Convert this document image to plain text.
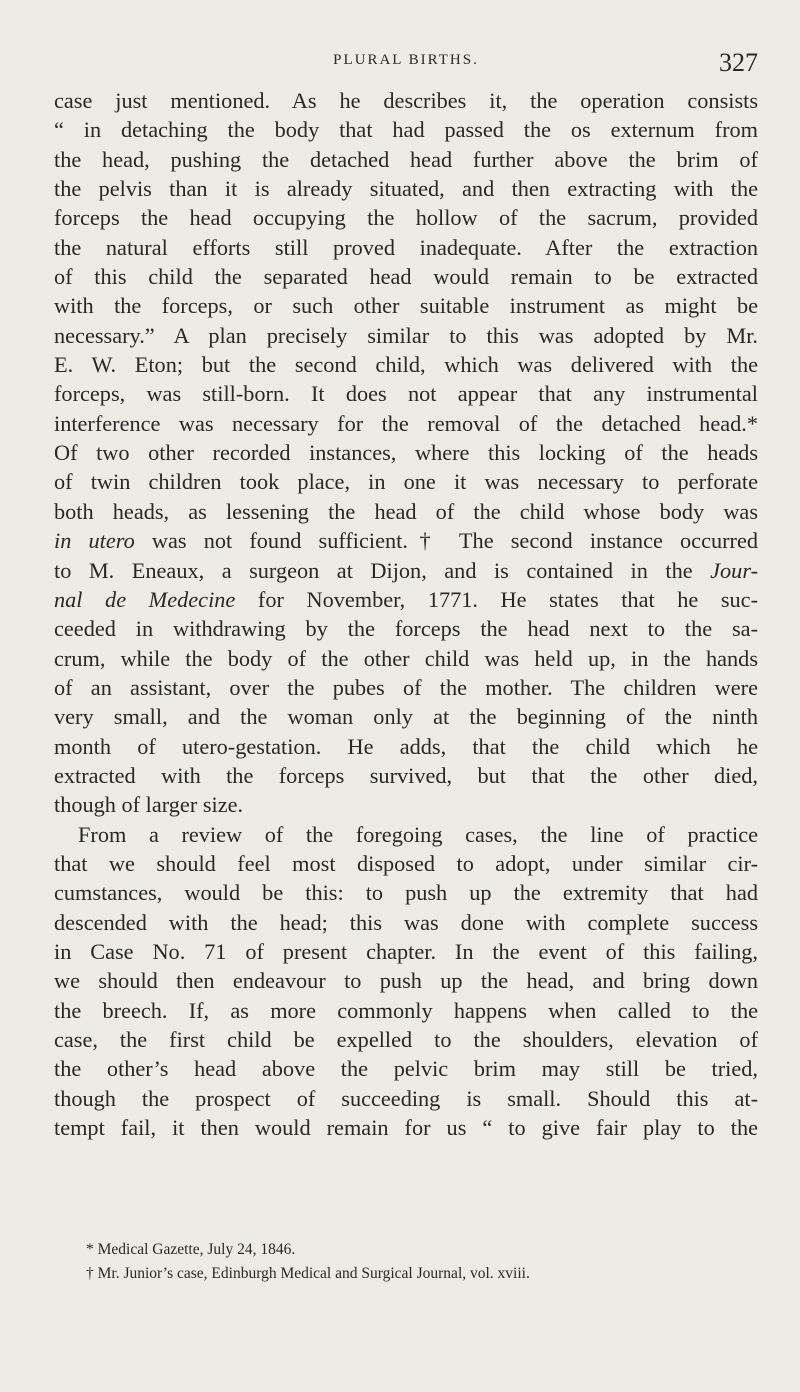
PLURAL BIRTHS.	327
case just mentioned. As he describes it, the operation consists
“ in detaching the body that had passed the os externum from
the head, pushing the detached head further above the brim of
the pelvis than it is already situated, and then extracting with the
forceps the head occupying the hollow of the sacrum, provided
the natural efforts still proved inadequate. After the extraction
of this child the separated head would remain to be extracted
with the forceps, or such other suitable instrument as might be
necessary.” A plan precisely similar to this was adopted by Mr.
E. W. Eton; but the second child, which was delivered with the
forceps, was still-born. It does not appear that any instrumental
interference was necessary for the removal of the detached head.*
Of two other recorded instances, where this locking of the heads
of twin children took place, in one it was necessary to perforate
both heads, as lessening the head of the child whose body was
in utero was not found sufficient.† The second instance occurred
to M. Eneaux, a surgeon at Dijon, and is contained in the Jour-
nal de Medecine for November, 1771. He states that he suc-
ceeded in withdrawing by the forceps the head next to the sa-
crum, while the body of the other child was held up, in the hands
of an assistant, over the pubes of the mother. The children were
very small, and the woman only at the beginning of the ninth
month of utero-gestation. He adds, that the child which he
extracted with the forceps survived, but that the other died,
though of larger size.
From a review of the foregoing cases, the line of practice
that we should feel most disposed to adopt, under similar cir-
cumstances, would be this: to push up the extremity that had
descended with the head; this was done with complete success
in Case No. 71 of present chapter. In the event of this failing,
we should then endeavour to push up the head, and bring down
the breech. If, as more commonly happens when called to the
case, the first child be expelled to the shoulders, elevation of
the other’s head above the pelvic brim may still be tried,
though the prospect of succeeding is small. Should this at-
tempt fail, it then would remain for us “ to give fair play to the
* Medical Gazette, July 24, 1846.
† Mr. Junior’s case, Edinburgh Medical and Surgical Journal, vol. xviii.
